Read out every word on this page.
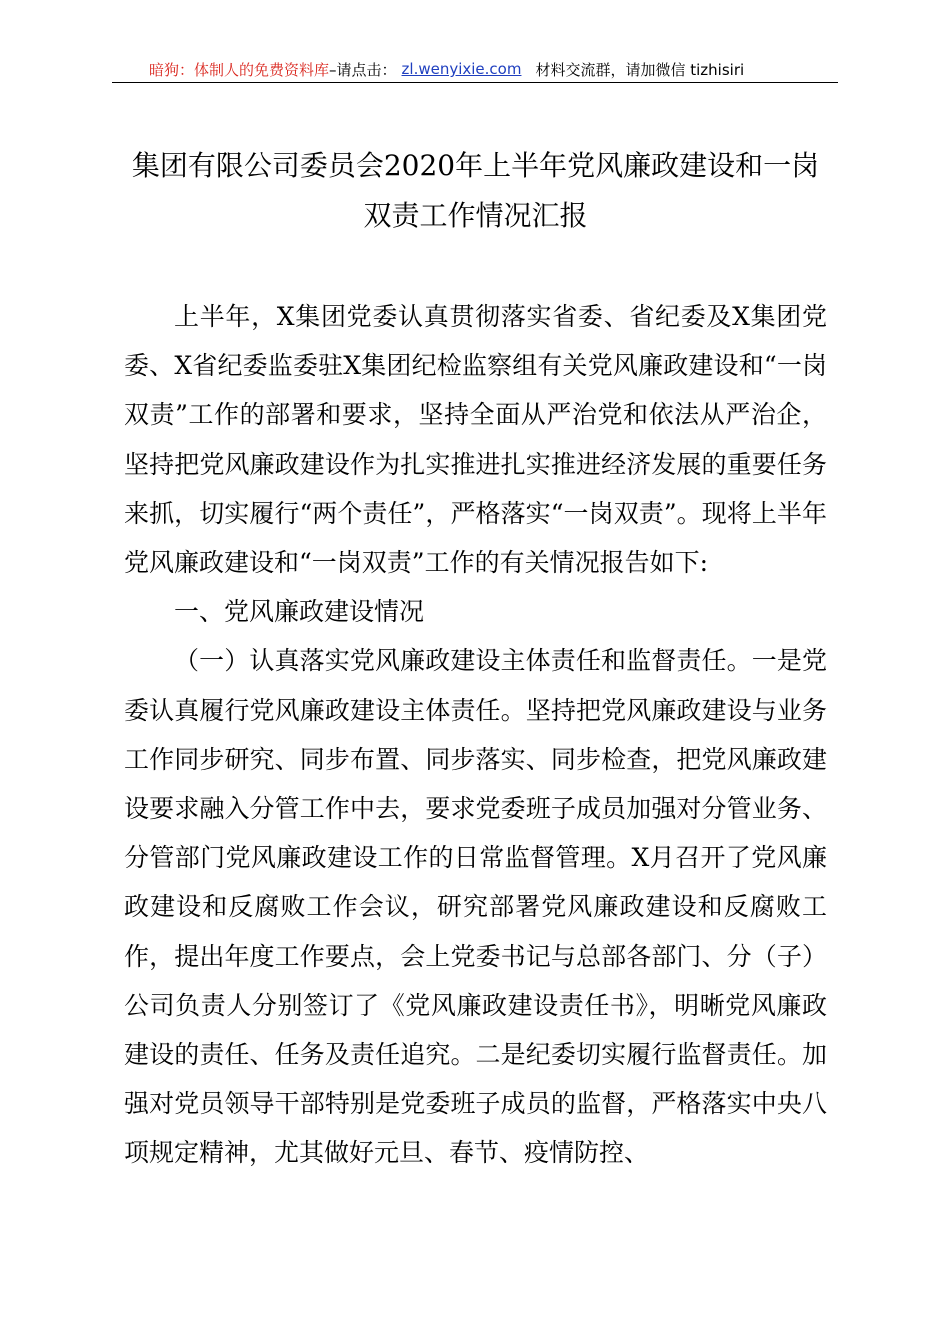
暗狗：体制人的免费资料库 –请点击： zl.wenyixie.com 材料交流群，请加微信 tizhisiri
集团有限公司委员会2020年上半年党风廉政建设和一岗双责工作情况汇报

上半年，X集团党委认真贯彻落实省委、省纪委及X集团党委、X省纪委监委驻X集团纪检监察组有关党风廉政建设和“一岗双责”工作的部署和要求，坚持全面从严治党和依法从严治企，坚持把党风廉政建设作为扎实推进扎实推进经济发展的重要任务来抓，切实履行“两个责任”，严格落实“一岗双责”。现将上半年党风廉政建设和“一岗双责”工作的有关情况报告如下:

一、党风廉政建设情况

（一）认真落实党风廉政建设主体责任和监督责任。一是党委认真履行党风廉政建设主体责任。坚持把党风廉政建设与业务工作同步研究、同步布置、同步落实、同步检查，把党风廉政建设要求融入分管工作中去，要求党委班子成员加强对分管业务、分管部门党风廉政建设工作的日常监督管理。X月召开了党风廉政建设和反腐败工作会议，研究部署党风廉政建设和反腐败工作，提出年度工作要点，会上党委书记与总部各部门、分（子）公司负责人分别签订了《党风廉政建设责任书》，明晰党风廉政建设的责任、任务及责任追究。二是纪委切实履行监督责任。加强对党员领导干部特别是党委班子成员的监督，严格落实中央八项规定精神，尤其做好元旦、春节、疫情防控、
